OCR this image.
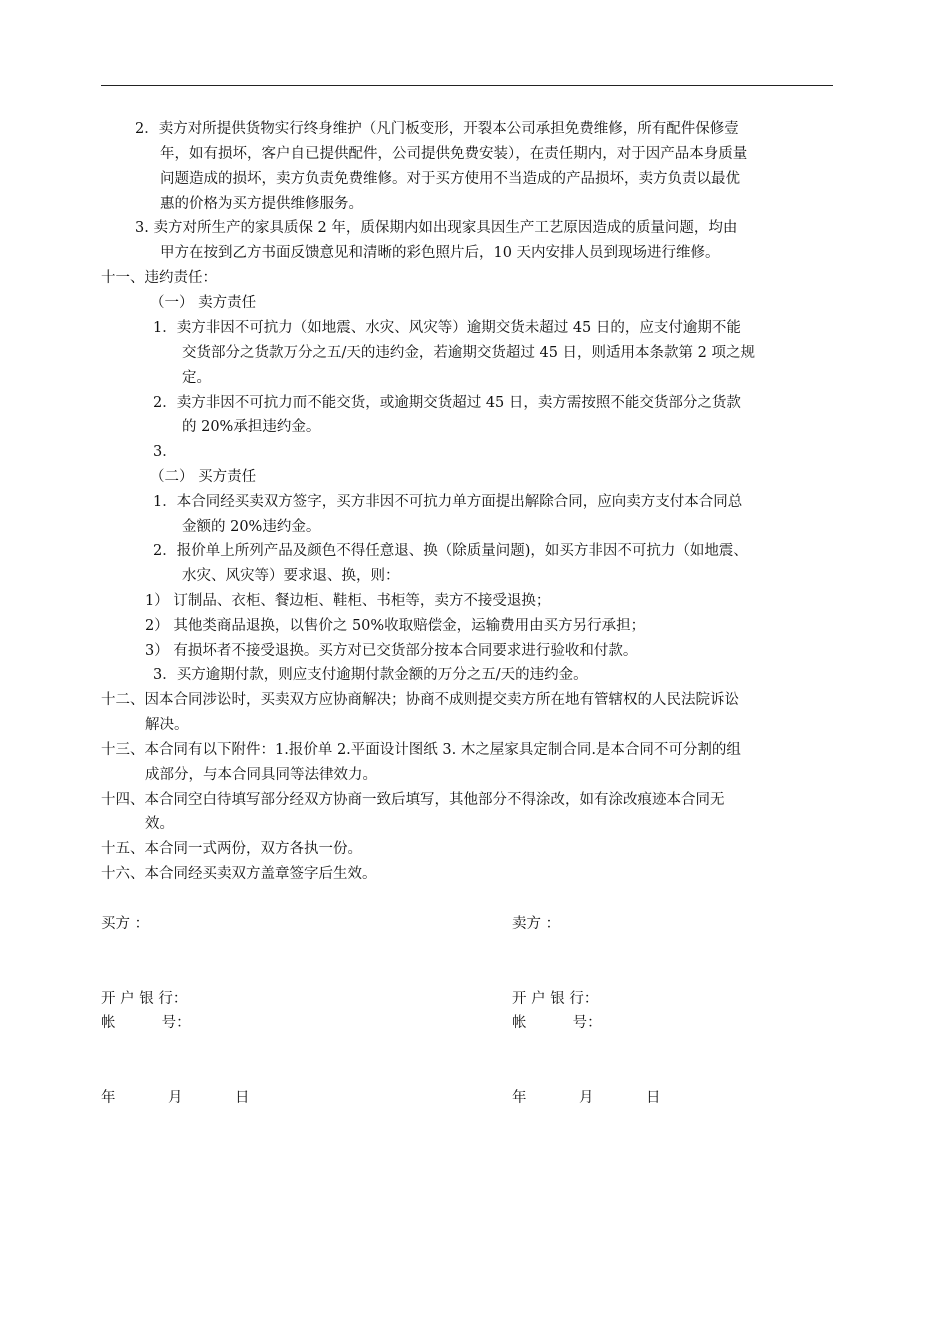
2．卖方对所提供货物实行终身维护（凡门板变形，开裂本公司承担免费维修，所有配件保修壹
年，如有损坏，客户自已提供配件，公司提供免费安装），在责任期内，对于因产品本身质量
问题造成的损坏，卖方负责免费维修。对于买方使用不当造成的产品损坏，卖方负责以最优
惠的价格为买方提供维修服务。
3. 卖方对所生产的家具质保 2 年，质保期内如出现家具因生产工艺原因造成的质量问题，均由
甲方在按到乙方书面反馈意见和清晰的彩色照片后，10 天内安排人员到现场进行维修。
十一、违约责任：
（一） 卖方责任
1．卖方非因不可抗力（如地震、水灾、风灾等）逾期交货未超过 45 日的，应支付逾期不能
交货部分之货款万分之五/天的违约金，若逾期交货超过 45 日，则适用本条款第 2 项之规
定。
2．卖方非因不可抗力而不能交货，或逾期交货超过 45 日，卖方需按照不能交货部分之货款
的 20%承担违约金。
3．
（二） 买方责任
1．本合同经买卖双方签字，买方非因不可抗力单方面提出解除合同，应向卖方支付本合同总
金额的 20%违约金。
2．报价单上所列产品及颜色不得任意退、换（除质量问题)，如买方非因不可抗力（如地震、
水灾、风灾等）要求退、换，则：
1） 订制品、衣柜、餐边柜、鞋柜、书柜等，卖方不接受退换；
2） 其他类商品退换，以售价之 50%收取赔偿金，运输费用由买方另行承担；
3） 有损坏者不接受退换。买方对已交货部分按本合同要求进行验收和付款。
3．买方逾期付款，则应支付逾期付款金额的万分之五/天的违约金。
十二、因本合同涉讼时，买卖双方应协商解决；协商不成则提交卖方所在地有管辖权的人民法院诉讼
解决。
十三、本合同有以下附件：1.报价单 2.平面设计图纸 3. 木之屋家具定制合同.是本合同不可分割的组
成部分，与本合同具同等法律效力。
十四、本合同空白待填写部分经双方协商一致后填写，其他部分不得涂改，如有涂改痕迹本合同无
效。
十五、本合同一式两份，双方各执一份。
十六、本合同经买卖双方盖章签字后生效。
买方 ：	卖方 ：
开 户 银 行：	开 户 银 行：
帐          号：	帐          号：
年	月	日	年	月	日
